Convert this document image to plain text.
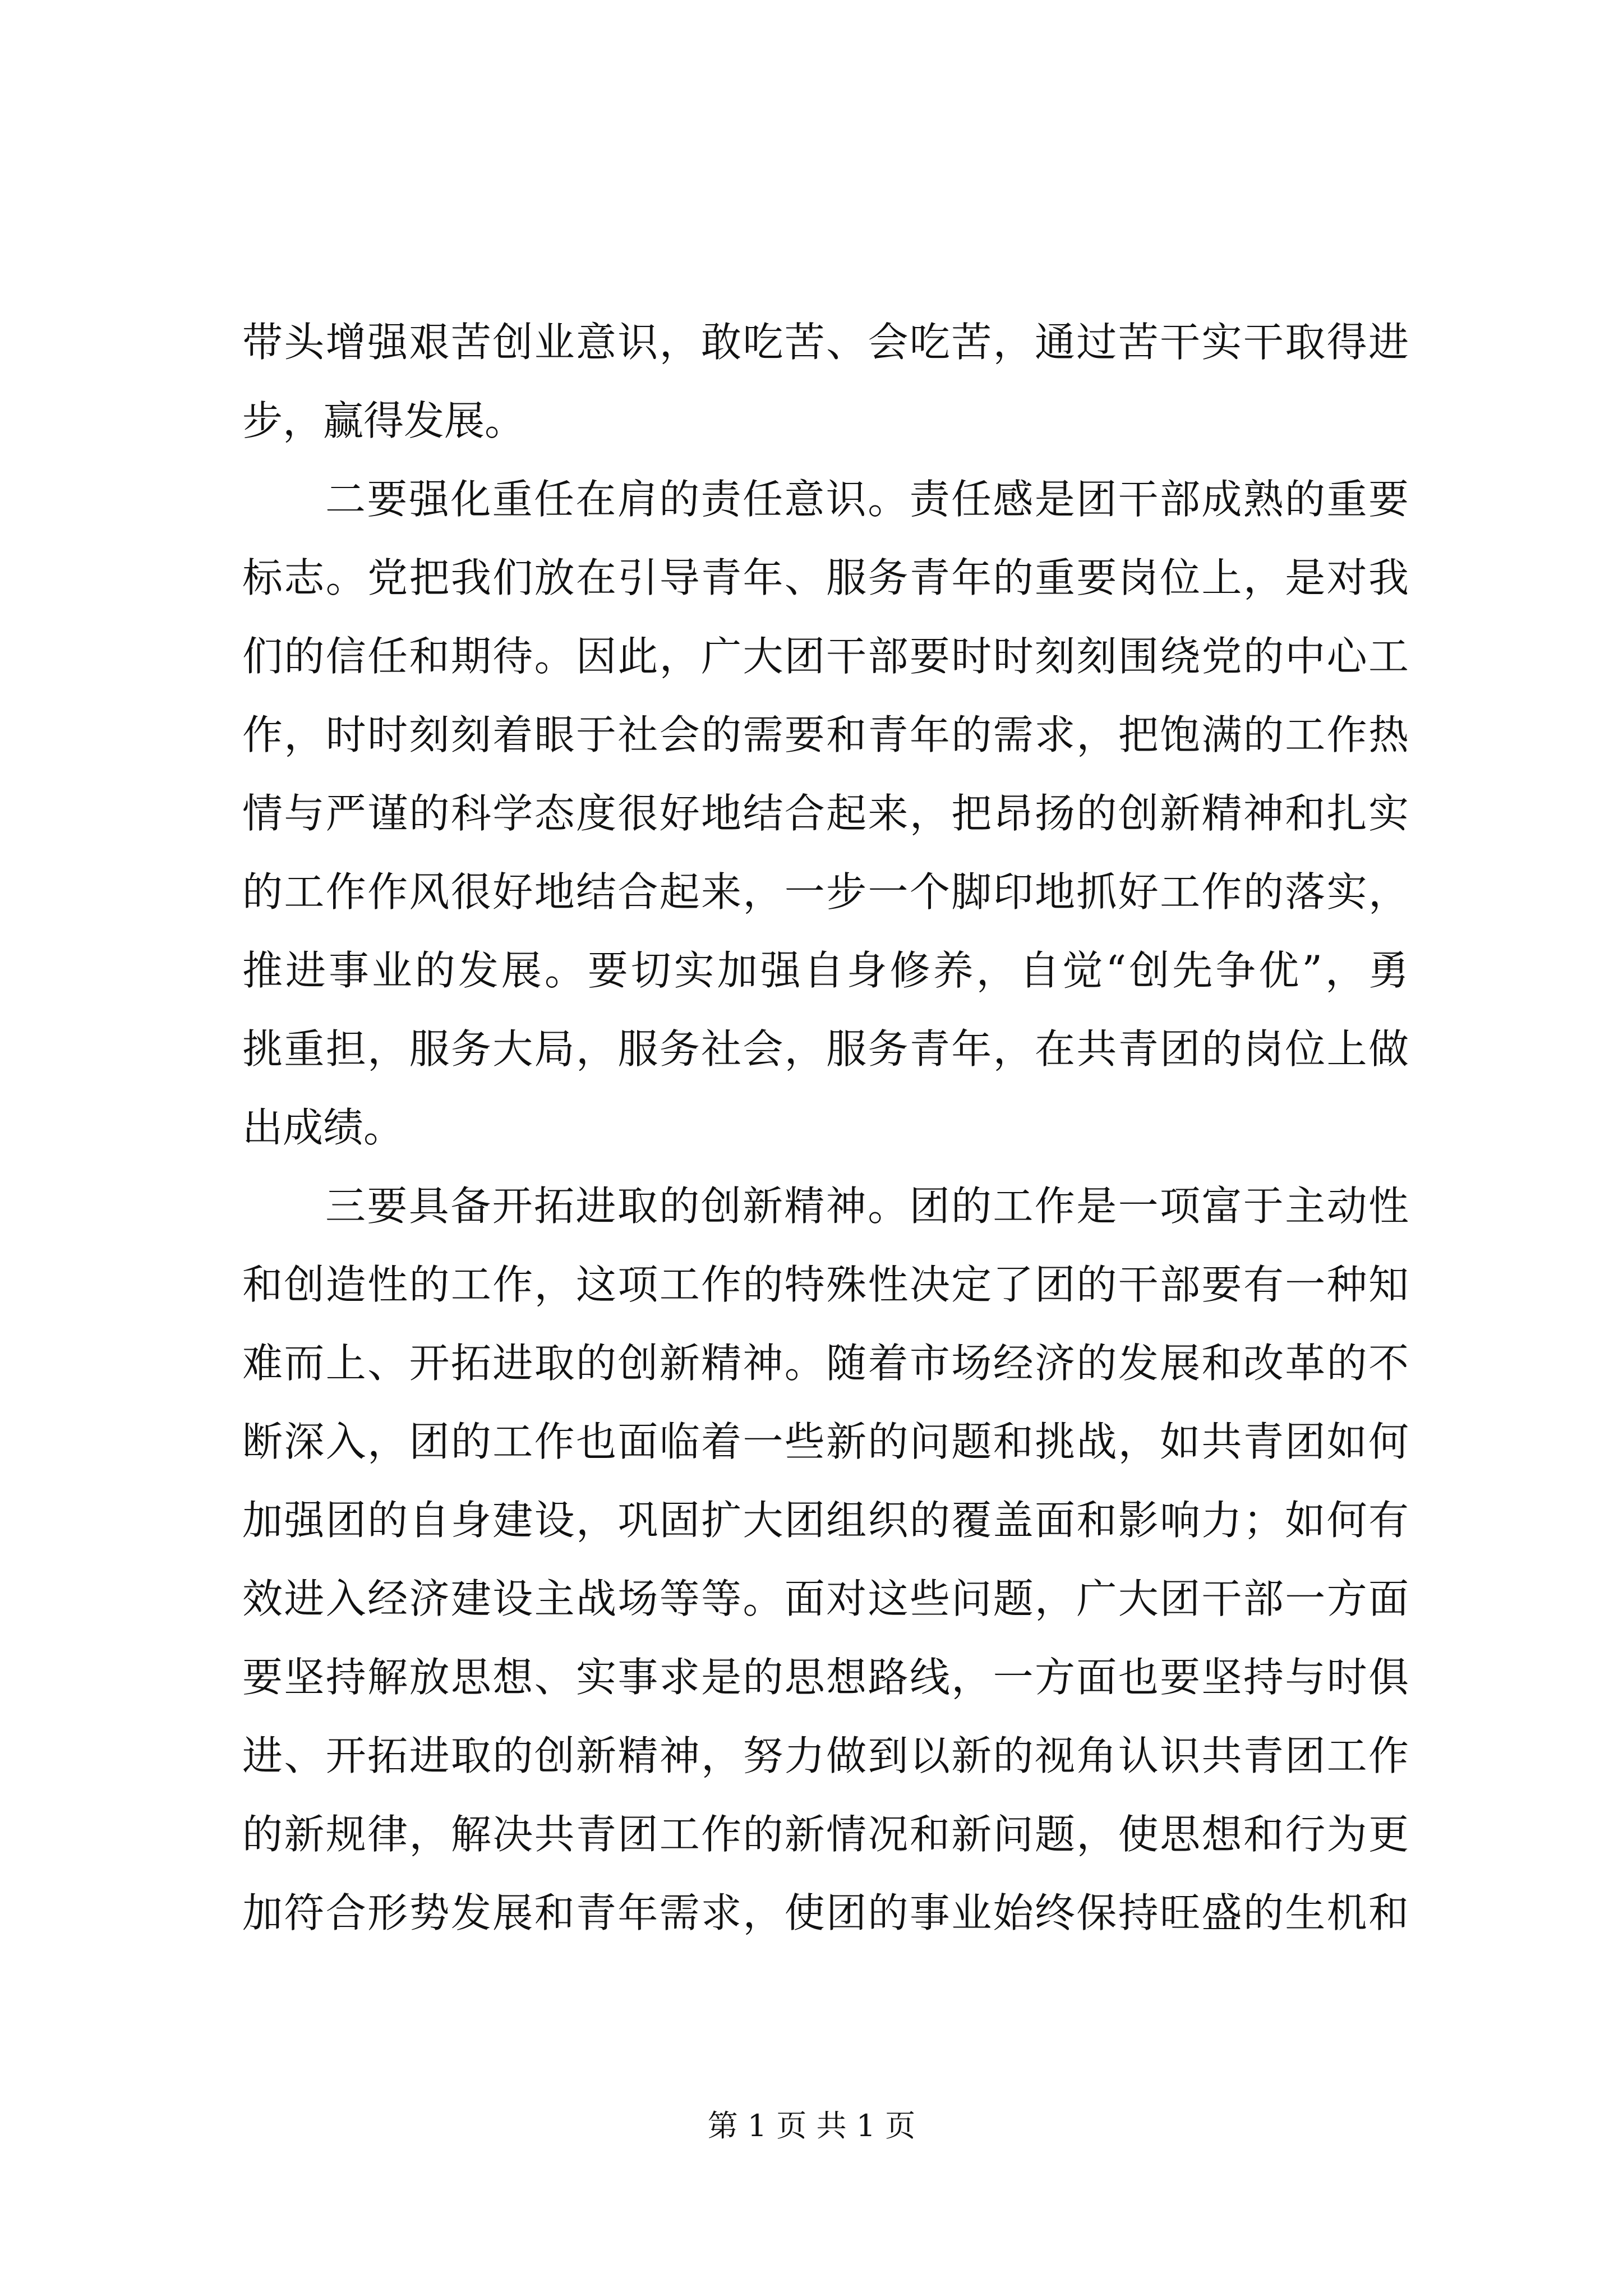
带头增强艰苦创业意识，敢吃苦、会吃苦，通过苦干实干取得进
步，赢得发展。
二要强化重任在肩的责任意识。责任感是团干部成熟的重要
标志。党把我们放在引导青年、服务青年的重要岗位上，是对我
们的信任和期待。因此，广大团干部要时时刻刻围绕党的中心工
作，时时刻刻着眼于社会的需要和青年的需求，把饱满的工作热
情与严谨的科学态度很好地结合起来，把昂扬的创新精神和扎实
的工作作风很好地结合起来，一步一个脚印地抓好工作的落实，
推进事业的发展。要切实加强自身修养，自觉“创先争优”，勇
挑重担，服务大局，服务社会，服务青年，在共青团的岗位上做
出成绩。
三要具备开拓进取的创新精神。团的工作是一项富于主动性
和创造性的工作，这项工作的特殊性决定了团的干部要有一种知
难而上、开拓进取的创新精神。随着市场经济的发展和改革的不
断深入，团的工作也面临着一些新的问题和挑战，如共青团如何
加强团的自身建设，巩固扩大团组织的覆盖面和影响力；如何有
效进入经济建设主战场等等。面对这些问题，广大团干部一方面
要坚持解放思想、实事求是的思想路线，一方面也要坚持与时俱
进、开拓进取的创新精神，努力做到以新的视角认识共青团工作
的新规律，解决共青团工作的新情况和新问题，使思想和行为更
加符合形势发展和青年需求，使团的事业始终保持旺盛的生机和
第 1 页 共 1 页
